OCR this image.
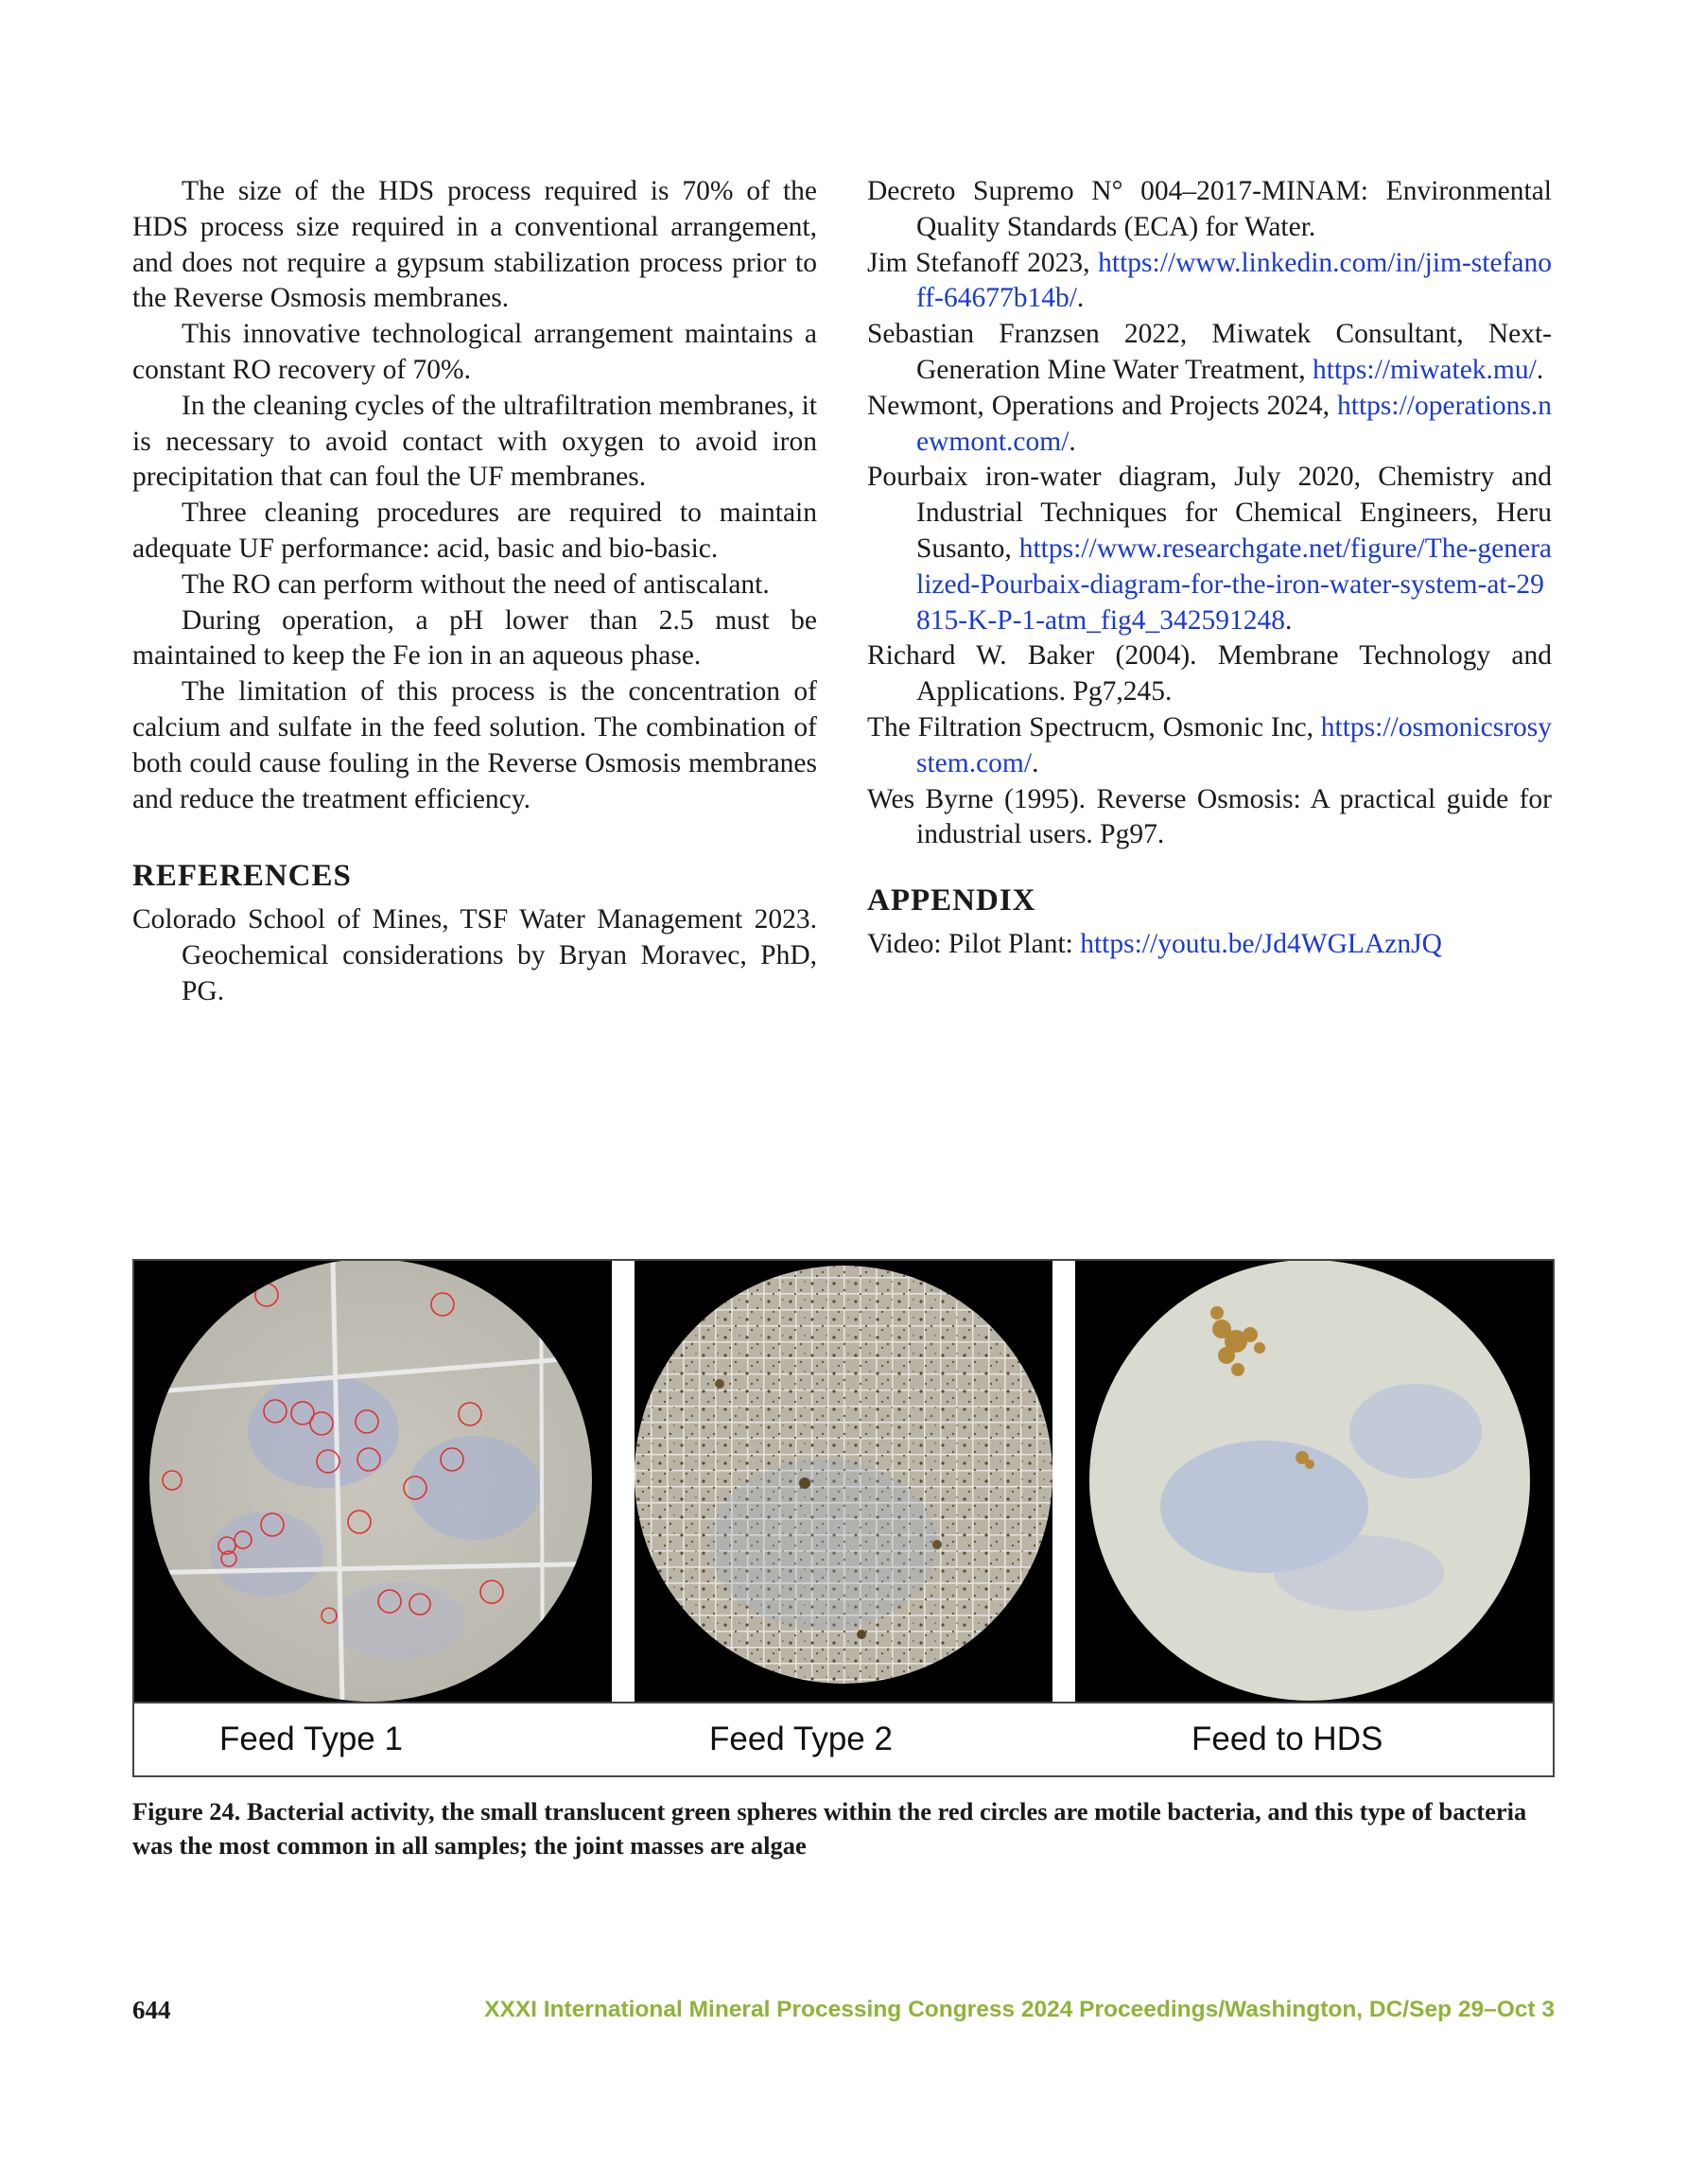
The size of the HDS process required is 70% of the HDS process size required in a conventional arrangement, and does not require a gypsum stabilization process prior to the Reverse Osmosis membranes.

This innovative technological arrangement maintains a constant RO recovery of 70%.

In the cleaning cycles of the ultrafiltration membranes, it is necessary to avoid contact with oxygen to avoid iron precipitation that can foul the UF membranes.

Three cleaning procedures are required to maintain adequate UF performance: acid, basic and bio-basic.

The RO can perform without the need of antiscalant.

During operation, a pH lower than 2.5 must be maintained to keep the Fe ion in an aqueous phase.

The limitation of this process is the concentration of calcium and sulfate in the feed solution. The combination of both could cause fouling in the Reverse Osmosis membranes and reduce the treatment efficiency.

REFERENCES

Colorado School of Mines, TSF Water Management 2023. Geochemical considerations by Bryan Moravec, PhD, PG.

Decreto Supremo N° 004–2017-MINAM: Environmental Quality Standards (ECA) for Water.

Jim Stefanoff 2023, https://www.linkedin.com/in/jim-stefanoff-64677b14b/.

Sebastian Franzsen 2022, Miwatek Consultant, Next-Generation Mine Water Treatment, https://miwatek.mu/.

Newmont, Operations and Projects 2024, https://operations.newmont.com/.

Pourbaix iron-water diagram, July 2020, Chemistry and Industrial Techniques for Chemical Engineers, Heru Susanto, https://www.researchgate.net/figure/The-generalized-Pourbaix-diagram-for-the-iron-water-system-at-29815-K-P-1-atm_fig4_342591248.

Richard W. Baker (2004). Membrane Technology and Applications. Pg7,245.

The Filtration Spectrucm, Osmonic Inc, https://osmonicsrosystem.com/.

Wes Byrne (1995). Reverse Osmosis: A practical guide for industrial users. Pg97.

APPENDIX

Video: Pilot Plant: https://youtu.be/Jd4WGLAznJQ

Feed Type 1	Feed Type 2	Feed to HDS
Figure 24. Bacterial activity, the small translucent green spheres within the red circles are motile bacteria, and this type of bacteria was the most common in all samples; the joint masses are algae
644	XXXI International Mineral Processing Congress 2024 Proceedings/Washington, DC/Sep 29–Oct 3
